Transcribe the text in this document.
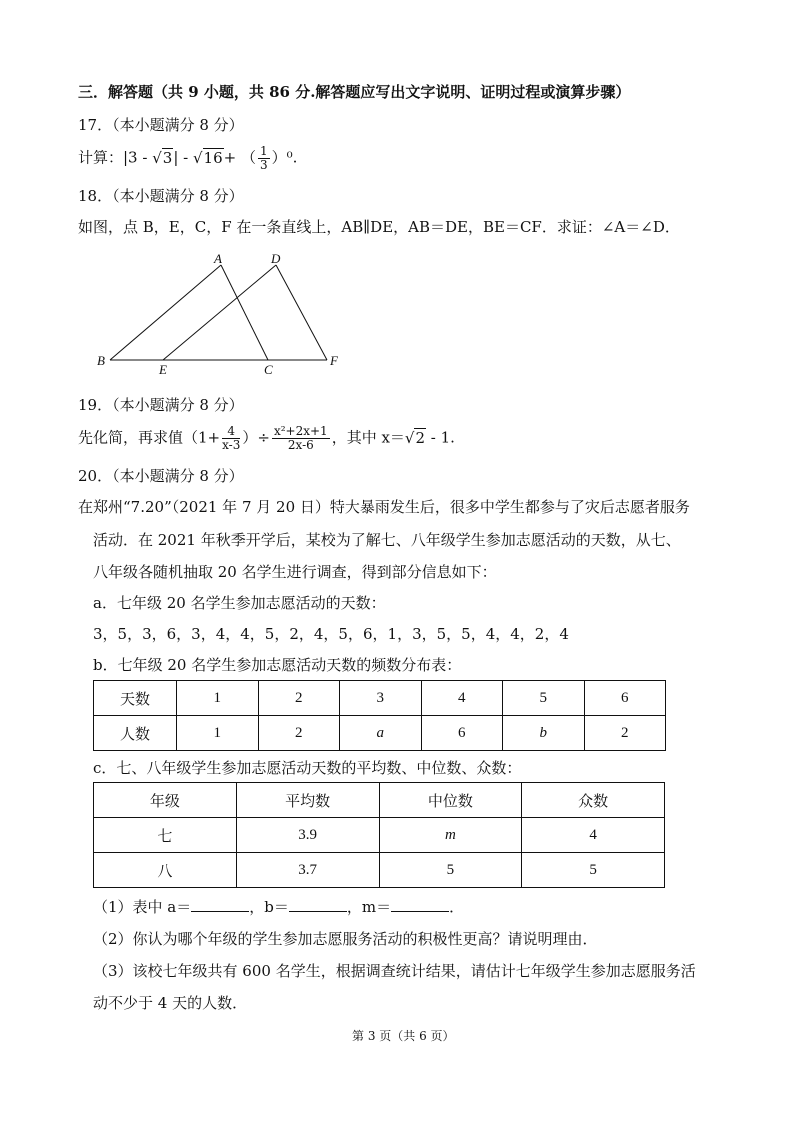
三．解答题（共 9 小题，共 86 分.解答题应写出文字说明、证明过程或演算步骤）
17．（本小题满分 8 分）
计算：|3 - √3| - √16+ （ $\frac{1}{3} )^0$.
18．（本小题满分 8 分）
如图，点 B，E，C，F 在一条直线上，AB∥DE，AB＝DE，BE＝CF．求证：∠A＝∠D．
A	D
B
E	C
F
19．（本小题满分 8 分）
先化简，再求值（$1+ \frac{4}{x-3}$ ）÷ $\frac{\text{x²+2x+1}}{2x-6}$ ，其中 x＝√2 - 1.
20．（本小题满分 8 分）
在郑州“7.20”（2021 年 7 月 20 日）特大暴雨发生后，很多中学生都参与了灾后志愿者服务
活动．在 2021 年秋季开学后，某校为了解七、八年级学生参加志愿活动的天数，从七、
八年级各随机抽取 20 名学生进行调查，得到部分信息如下：
a．七年级 20 名学生参加志愿活动的天数：
3，5，3，6，3，4，4，5，2，4，5，6，1，3，5，5，4，4，2，4
b．七年级 20 名学生参加志愿活动天数的频数分布表：
天数	1	2	3	4	5	6
人数	1	2	a	6	b	2
c．七、八年级学生参加志愿活动天数的平均数、中位数、众数：
年级	平均数	中位数	众数
七	3.9	m	4
八	3.7	5	5
（1）表中 a＝	，b＝	，m＝	．
（2）你认为哪个年级的学生参加志愿服务活动的积极性更高？请说明理由．
（3）该校七年级共有 600 名学生，根据调查统计结果，请估计七年级学生参加志愿服务活
动不少于 4 天的人数．
第 3 页（共 6 页）
